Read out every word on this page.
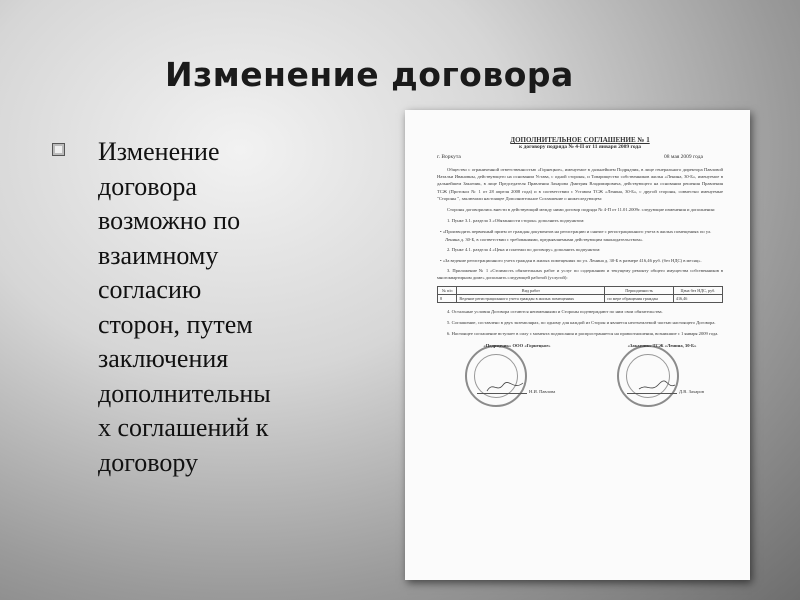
Изменение договора
Изменение
договора
возможно по
взаимному
согласию
сторон, путем
заключения
дополнительны
х соглашений к
договору
ДОПОЛНИТЕЛЬНОЕ СОГЛАШЕНИЕ № 1
к договору подряда № 4-П от 11 января 2009 года
г. Воркута	08 мая 2009 года

Общество с ограниченной ответственностью «Горнецкое», именуемое в дальнейшем Подрядчик, в лице генерального директора Павловой Натальи Ивановны, действующего на основании Устава, с одной стороны, и Товарищество собственников жилья «Ленина, 30-Б», именуемое в дальнейшем Заказчик, в лице Председателя Правления Захарова Дмитрия Владимировича, действующего на основании решения Правления ТСЖ (Протокол № 1 от 28 апреля 2008 года) и в соответствии с Уставом ТСЖ «Ленина, 30-Б», с другой стороны, совместно именуемые "Стороны ", заключили настоящее Дополнительное Соглашение о нижеследующем:

Стороны договорились внести в действующий между ними договор подряда № 4-П от 11.01.2009г. следующие изменения и дополнения:

1. Пункт 3.1. раздела 3 «Обязанности сторон» дополнить подпунктом:

• «Производить первичный прием от граждан документов на регистрацию и снятие с регистрационного учета в жилых помещениях по ул. Ленина д. 30-Б, в соответствии с требованиями, предъявляемыми действующим законодательством».

2. Пункт 4.1. раздела 4 «Цена и платежи по договору» дополнить подпунктом:

• «За ведение регистрационного учета граждан в жилых помещениях по ул. Ленина д. 30-Б в размере 416,46 руб. (без НДС) в месяц».

3. Приложение № 1 «Стоимость обязательных работ и услуг по содержанию и текущему ремонту общего имущества собственников в многоквартирном доме» дополнить следующей работой (услугой):

№ п/п	Вид работ	Периодичность	Цена без НДС, руб.
8	Ведение регистрационного учета граждан в жилых помещениях	по мере обращения граждан	416,46

4. Остальные условия Договора остаются неизменными и Стороны подтверждают по ним свои обязательства.

5. Соглашение, составлено в двух экземплярах, по одному для каждой из Сторон и является неотъемлемой частью настоящего Договора.

6. Настоящее соглашение вступает в силу с момента подписания и распространяется на правоотношения, возникшие с 1 января 2009 года.

«Подрядчик» ООО «Горнецкое»	«Заказчик» ТСЖ «Ленина, 30-Б»
Н.И. Павлова	Д.В. Захаров
